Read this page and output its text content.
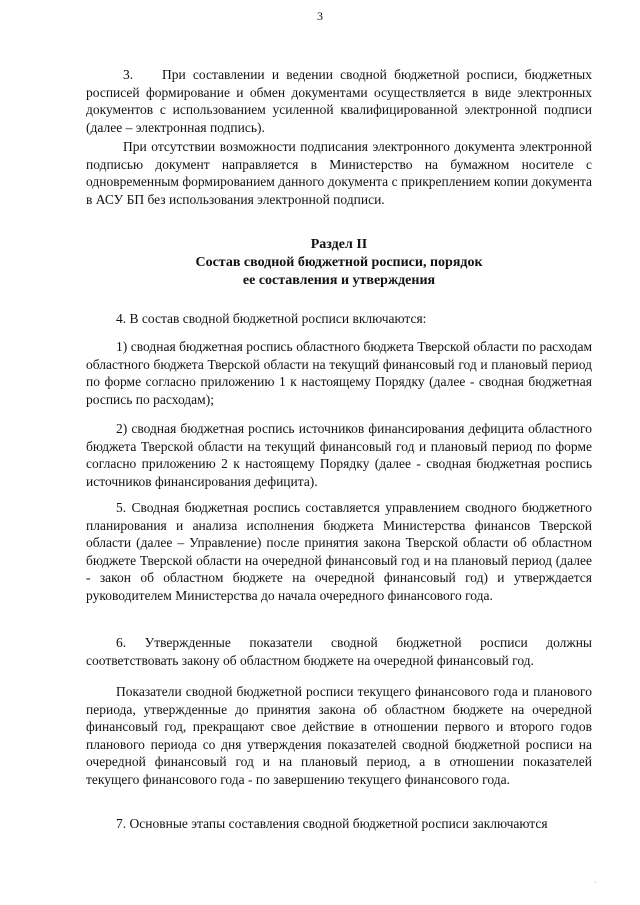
3

3.    При составлении и ведении сводной бюджетной росписи, бюджетных росписей формирование и обмен документами осуществляется в виде электронных документов с использованием усиленной квалифицированной электронной подписи (далее – электронная подпись).

При отсутствии возможности подписания электронного документа электронной подписью документ направляется в Министерство на бумажном носителе с одновременным формированием данного документа с прикреплением копии документа в АСУ БП без использования электронной подписи.

Раздел II

Состав сводной бюджетной росписи, порядок

ее составления и утверждения

4. В состав сводной бюджетной росписи включаются:

1) сводная бюджетная роспись областного бюджета Тверской области по расходам областного бюджета Тверской области на текущий финансовый год и плановый период по форме согласно приложению 1 к настоящему Порядку (далее - сводная бюджетная роспись по расходам);

2) сводная бюджетная роспись источников финансирования дефицита областного бюджета Тверской области на текущий финансовый год и плановый период по форме согласно приложению 2 к настоящему Порядку (далее - сводная бюджетная роспись источников финансирования дефицита).

5. Сводная бюджетная роспись составляется управлением сводного бюджетного планирования и анализа исполнения бюджета Министерства финансов Тверской области (далее – Управление) после принятия закона Тверской области об областном бюджете Тверской области на очередной финансовый год и на плановый период (далее - закон об областном бюджете на очередной финансовый год) и утверждается руководителем Министерства до начала очередного финансового года.

6. Утвержденные показатели сводной бюджетной росписи должны соответствовать закону об областном бюджете на очередной финансовый год.

Показатели сводной бюджетной росписи текущего финансового года и планового периода, утвержденные до принятия закона об областном бюджете на очередной финансовый год, прекращают свое действие в отношении первого и второго годов планового периода со дня утверждения показателей сводной бюджетной росписи на очередной финансовый год и на плановый период, а в отношении показателей текущего финансового года - по завершению текущего финансового года.

7. Основные этапы составления сводной бюджетной росписи заключаются

·
